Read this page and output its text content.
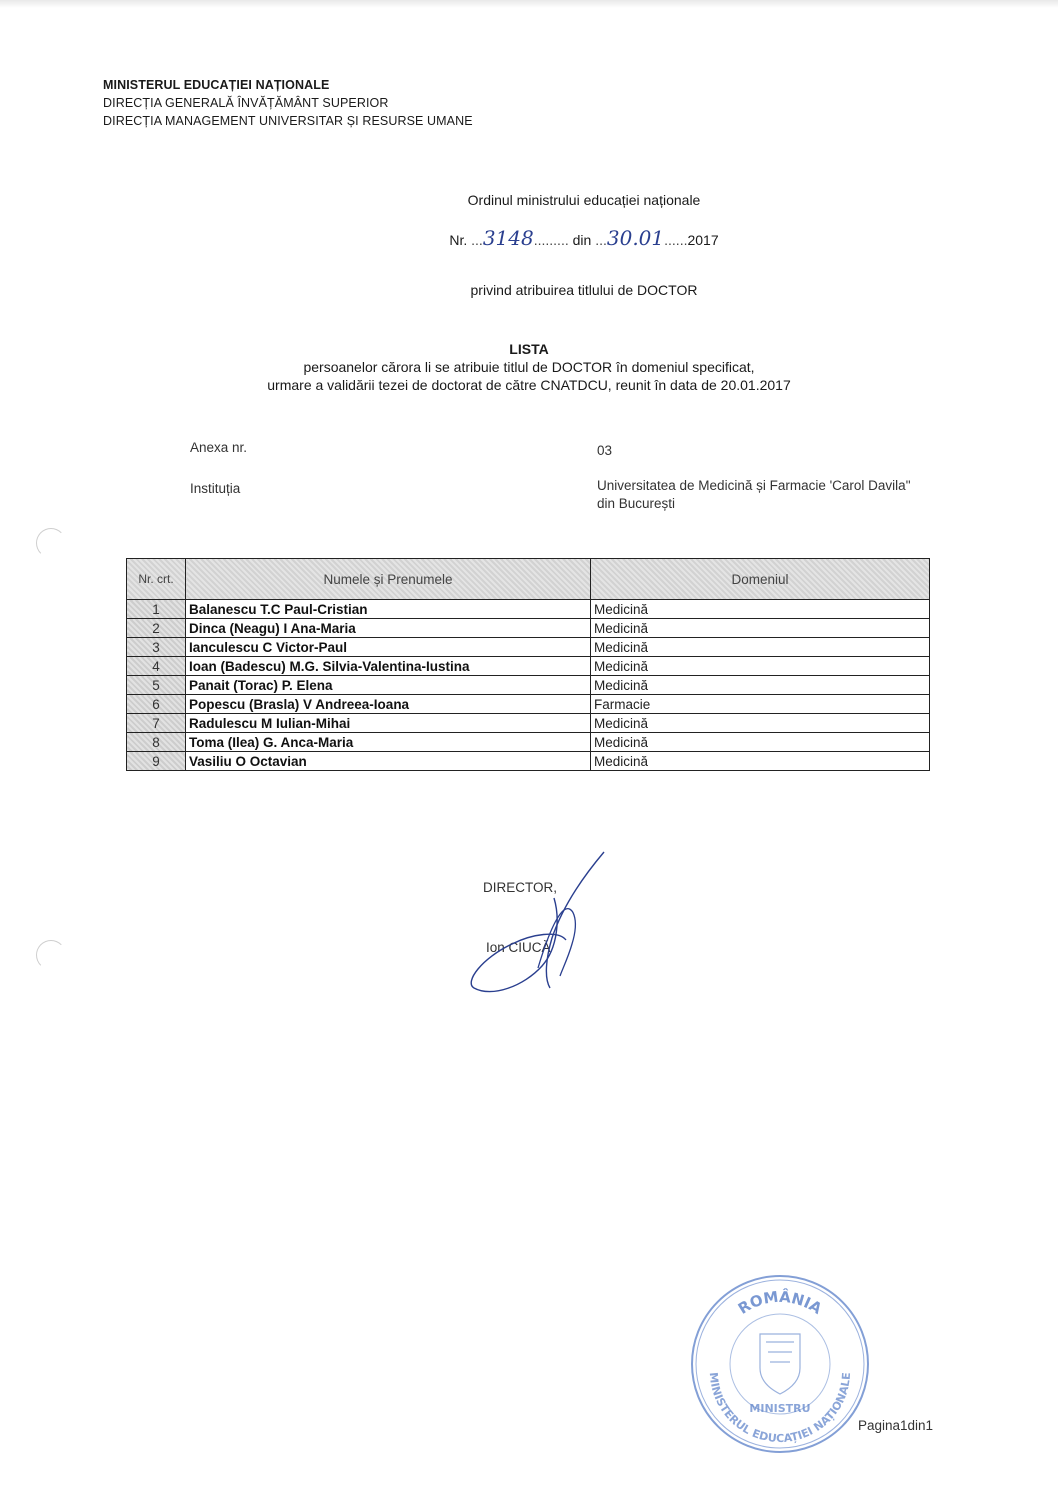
MINISTERUL EDUCAȚIEI NAȚIONALE
DIRECȚIA GENERALĂ ÎNVĂȚĂMÂNT SUPERIOR
DIRECȚIA MANAGEMENT UNIVERSITAR ȘI RESURSE UMANE
Ordinul ministrului educației naționale
Nr. ...3148......... din ...30.01......2017
privind atribuirea titlului de DOCTOR
LISTA
persoanelor cărora li se atribuie titlul de DOCTOR în domeniul specificat,
urmare a validării tezei de doctorat de către CNATDCU, reunit în data de 20.01.2017
Anexa nr.	03
Instituția	Universitatea de Medicină și Farmacie 'Carol Davila" din București
Nr. crt.	Numele și Prenumele	Domeniul
1	Balanescu T.C Paul-Cristian	Medicină
2	Dinca (Neagu) I Ana-Maria	Medicină
3	Ianculescu C Victor-Paul	Medicină
4	Ioan (Badescu) M.G. Silvia-Valentina-Iustina	Medicină
5	Panait (Torac) P. Elena	Medicină
6	Popescu (Brasla) V Andreea-Ioana	Farmacie
7	Radulescu M Iulian-Mihai	Medicină
8	Toma (Ilea) G. Anca-Maria	Medicină
9	Vasiliu O Octavian	Medicină
DIRECTOR,
Ion CIUCĂ
ROMÂNIA
MINISTERUL EDUCAȚIEI NAȚIONALE
MINISTRU
Pagina1din1
